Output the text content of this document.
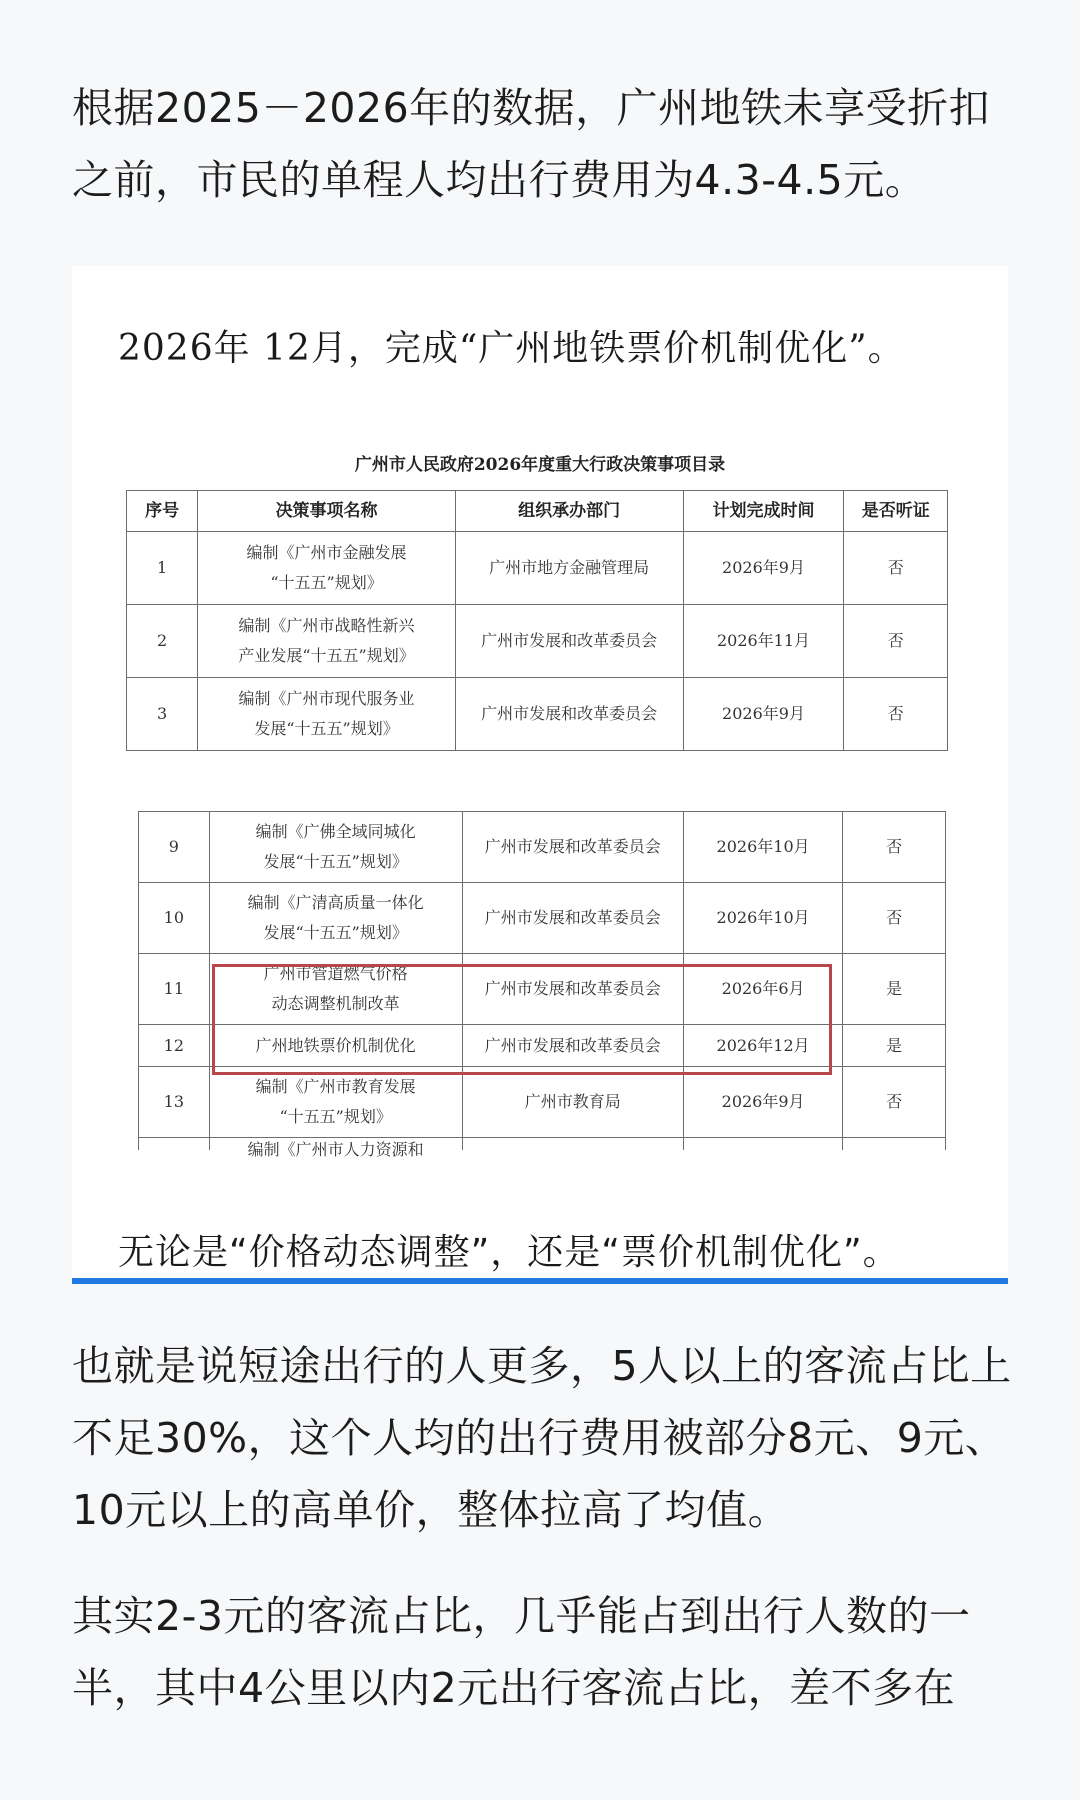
根据2025－2026年的数据，广州地铁未享受折扣之前，市民的单程人均出行费用为4.3-4.5元。

2026年 12月，完成“广州地铁票价机制优化”。

广州市人民政府2026年度重大行政决策事项目录
序号	决策事项名称	组织承办部门	计划完成时间	是否听证
1	编制《广州市金融发展
“十五五”规划》	广州市地方金融管理局	2026年9月	否
2	编制《广州市战略性新兴
产业发展“十五五”规划》	广州市发展和改革委员会	2026年11月	否
3	编制《广州市现代服务业
发展“十五五”规划》	广州市发展和改革委员会	2026年9月	否
9	编制《广佛全域同城化
发展“十五五”规划》	广州市发展和改革委员会	2026年10月	否
10	编制《广清高质量一体化
发展“十五五”规划》	广州市发展和改革委员会	2026年10月	否
11	广州市管道燃气价格
动态调整机制改革	广州市发展和改革委员会	2026年6月	是
12	广州地铁票价机制优化	广州市发展和改革委员会	2026年12月	是
13	编制《广州市教育发展
“十五五”规划》	广州市教育局	2026年9月	否

	编制《广州市人力资源和			

无论是“价格动态调整”，还是“票价机制优化”。

也就是说短途出行的人更多，5人以上的客流占比上不足30%，这个人均的出行费用被部分8元、9元、10元以上的高单价，整体拉高了均值。

其实2-3元的客流占比，几乎能占到出行人数的一半，其中4公里以内2元出行客流占比，差不多在
